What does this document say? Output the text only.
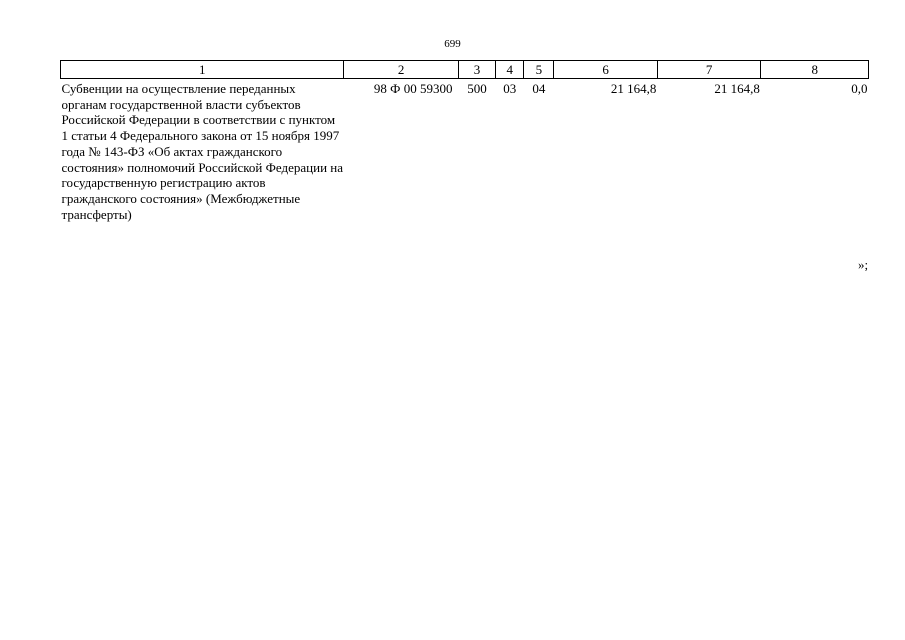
699
1	2	3	4	5	6	7	8
Субвенции на осуществление переданных органам государственной власти субъектов Российской Федерации в соответствии с пунктом 1 статьи 4 Федерального закона от 15 ноября 1997 года № 143-ФЗ «Об актах гражданского состояния» полномочий Российской Федерации на государственную регистрацию актов гражданского состояния» (Межбюджетные трансферты)	98 Ф 00 59300	500	03	04	21 164,8	21 164,8	0,0
»;
